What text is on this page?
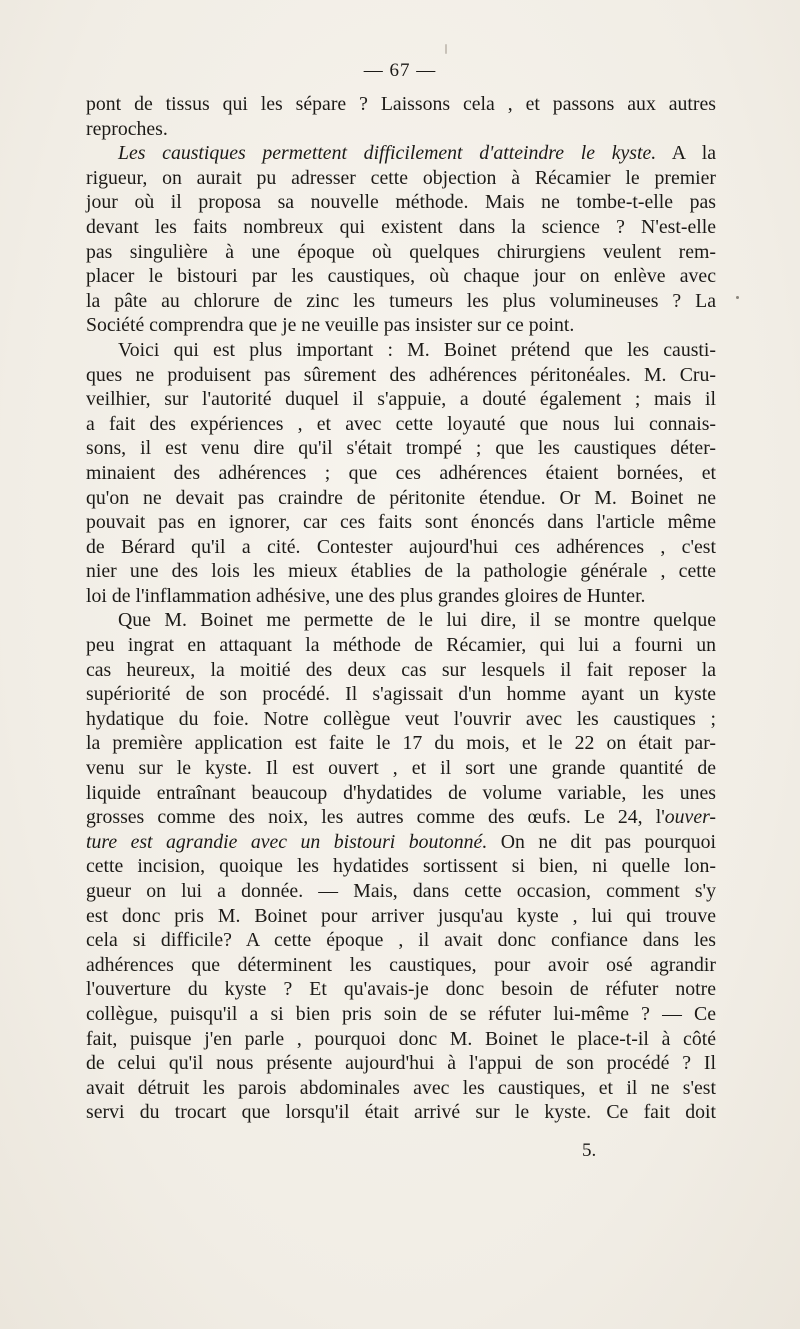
— 67 —
pont de tissus qui les sépare ? Laissons cela , et passons aux autres
reproches.
Les caustiques permettent difficilement d'atteindre le kyste. A la
rigueur, on aurait pu adresser cette objection à Récamier le premier
jour où il proposa sa nouvelle méthode. Mais ne tombe-t-elle pas
devant les faits nombreux qui existent dans la science ? N'est-elle
pas singulière à une époque où quelques chirurgiens veulent rem-
placer le bistouri par les caustiques, où chaque jour on enlève avec
la pâte au chlorure de zinc les tumeurs les plus volumineuses ? La
Société comprendra que je ne veuille pas insister sur ce point.
Voici qui est plus important : M. Boinet prétend que les causti-
ques ne produisent pas sûrement des adhérences péritonéales. M. Cru-
veilhier, sur l'autorité duquel il s'appuie, a douté également ; mais il
a fait des expériences , et avec cette loyauté que nous lui connais-
sons, il est venu dire qu'il s'était trompé ; que les caustiques déter-
minaient des adhérences ; que ces adhérences étaient bornées, et
qu'on ne devait pas craindre de péritonite étendue. Or M. Boinet ne
pouvait pas en ignorer, car ces faits sont énoncés dans l'article même
de Bérard qu'il a cité. Contester aujourd'hui ces adhérences , c'est
nier une des lois les mieux établies de la pathologie générale , cette
loi de l'inflammation adhésive, une des plus grandes gloires de Hunter.
Que M. Boinet me permette de le lui dire, il se montre quelque
peu ingrat en attaquant la méthode de Récamier, qui lui a fourni un
cas heureux, la moitié des deux cas sur lesquels il fait reposer la
supériorité de son procédé. Il s'agissait d'un homme ayant un kyste
hydatique du foie. Notre collègue veut l'ouvrir avec les caustiques ;
la première application est faite le 17 du mois, et le 22 on était par-
venu sur le kyste. Il est ouvert , et il sort une grande quantité de
liquide entraînant beaucoup d'hydatides de volume variable, les unes
grosses comme des noix, les autres comme des œufs. Le 24, l'ouver-
ture est agrandie avec un bistouri boutonné. On ne dit pas pourquoi
cette incision, quoique les hydatides sortissent si bien, ni quelle lon-
gueur on lui a donnée. — Mais, dans cette occasion, comment s'y
est donc pris M. Boinet pour arriver jusqu'au kyste , lui qui trouve
cela si difficile? A cette époque , il avait donc confiance dans les
adhérences que déterminent les caustiques, pour avoir osé agrandir
l'ouverture du kyste ? Et qu'avais-je donc besoin de réfuter notre
collègue, puisqu'il a si bien pris soin de se réfuter lui-même ? — Ce
fait, puisque j'en parle , pourquoi donc M. Boinet le place-t-il à côté
de celui qu'il nous présente aujourd'hui à l'appui de son procédé ? Il
avait détruit les parois abdominales avec les caustiques, et il ne s'est
servi du trocart que lorsqu'il était arrivé sur le kyste. Ce fait doit
5.
